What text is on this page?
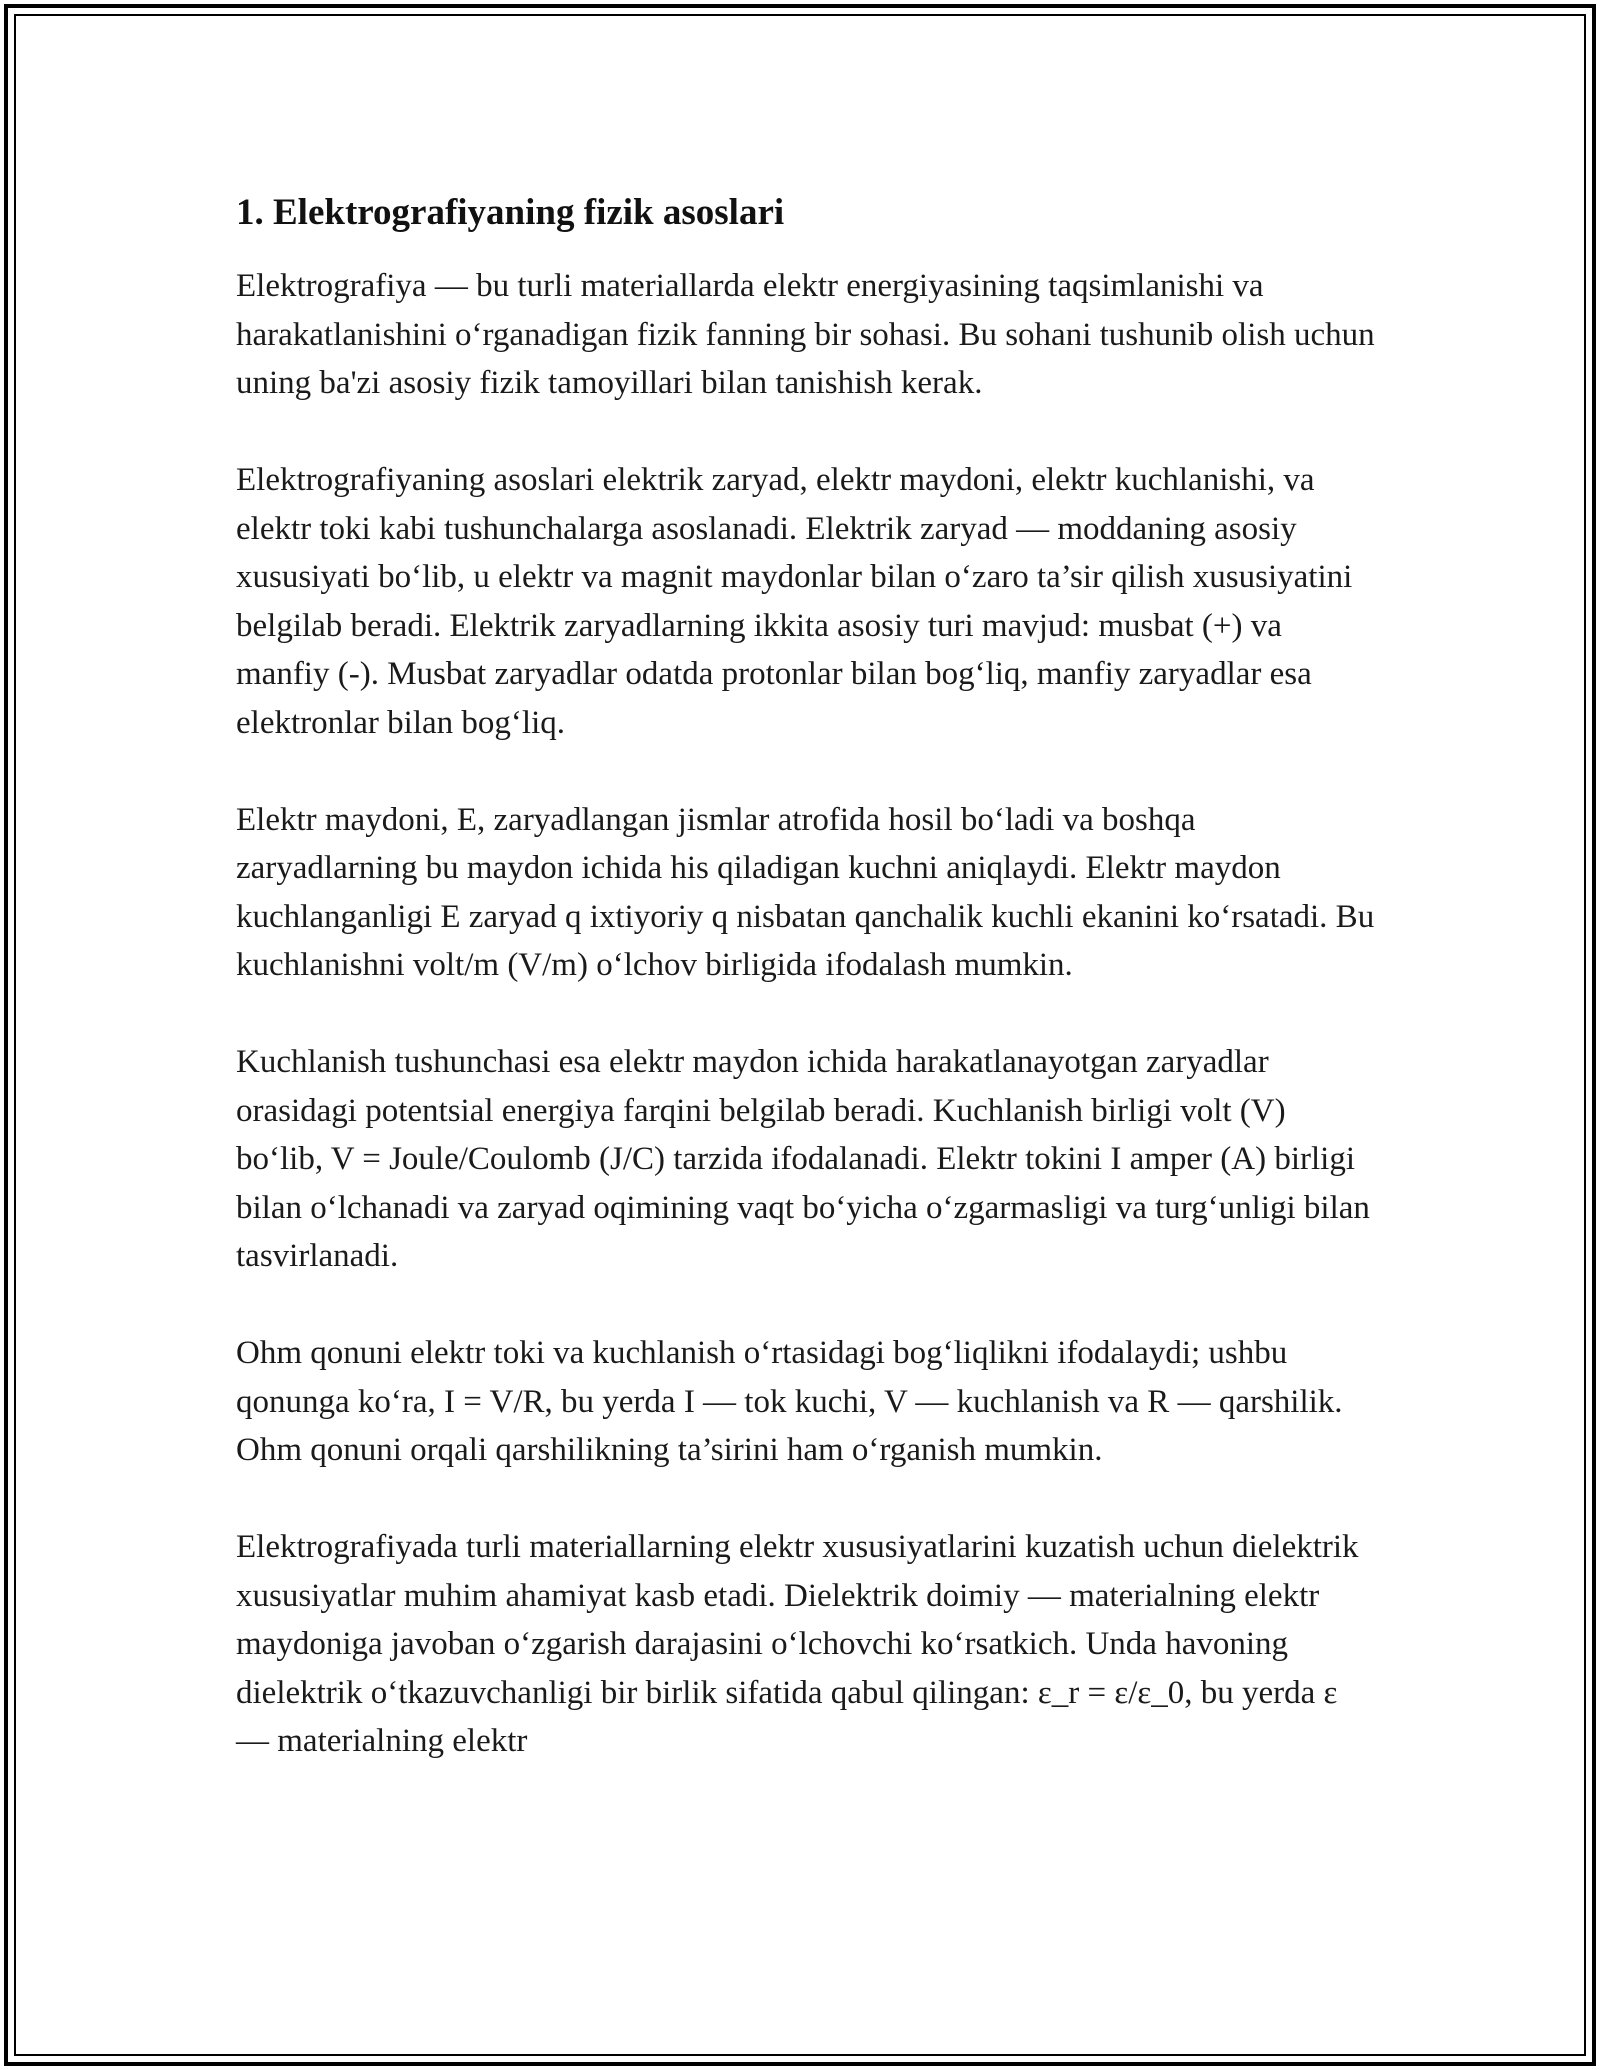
1. Elektrografiyaning fizik asoslari

Elektrografiya — bu turli materiallarda elektr energiyasining taqsimlanishi va harakatlanishini oʻrganadigan fizik fanning bir sohasi. Bu sohani tushunib olish uchun uning ba'zi asosiy fizik tamoyillari bilan tanishish kerak.

Elektrografiyaning asoslari elektrik zaryad, elektr maydoni, elektr kuchlanishi, va elektr toki kabi tushunchalarga asoslanadi. Elektrik zaryad — moddaning asosiy xususiyati boʻlib, u elektr va magnit maydonlar bilan oʻzaro ta’sir qilish xususiyatini belgilab beradi. Elektrik zaryadlarning ikkita asosiy turi mavjud: musbat (+) va manfiy (-). Musbat zaryadlar odatda protonlar bilan bogʻliq, manfiy zaryadlar esa elektronlar bilan bogʻliq.

Elektr maydoni, E, zaryadlangan jismlar atrofida hosil boʻladi va boshqa zaryadlarning bu maydon ichida his qiladigan kuchni aniqlaydi. Elektr maydon kuchlanganligi E zaryad q ixtiyoriy q nisbatan qanchalik kuchli ekanini koʻrsatadi. Bu kuchlanishni volt/m (V/m) oʻlchov birligida ifodalash mumkin.

Kuchlanish tushunchasi esa elektr maydon ichida harakatlanayotgan zaryadlar orasidagi potentsial energiya farqini belgilab beradi. Kuchlanish birligi volt (V) boʻlib, V = Joule/Coulomb (J/C) tarzida ifodalanadi. Elektr tokini I amper (A) birligi bilan oʻlchanadi va zaryad oqimining vaqt boʻyicha oʻzgarmasligi va turgʻunligi bilan tasvirlanadi.

Ohm qonuni elektr toki va kuchlanish oʻrtasidagi bogʻliqlikni ifodalaydi; ushbu qonunga koʻra, I = V/R, bu yerda I — tok kuchi, V — kuchlanish va R — qarshilik. Ohm qonuni orqali qarshilikning ta’sirini ham oʻrganish mumkin.

Elektrografiyada turli materiallarning elektr xususiyatlarini kuzatish uchun dielektrik xususiyatlar muhim ahamiyat kasb etadi. Dielektrik doimiy — materialning elektr maydoniga javoban oʻzgarish darajasini oʻlchovchi koʻrsatkich. Unda havoning dielektrik oʻtkazuvchanligi bir birlik sifatida qabul qilingan: ε_r = ε/ε_0, bu yerda ε — materialning elektr
